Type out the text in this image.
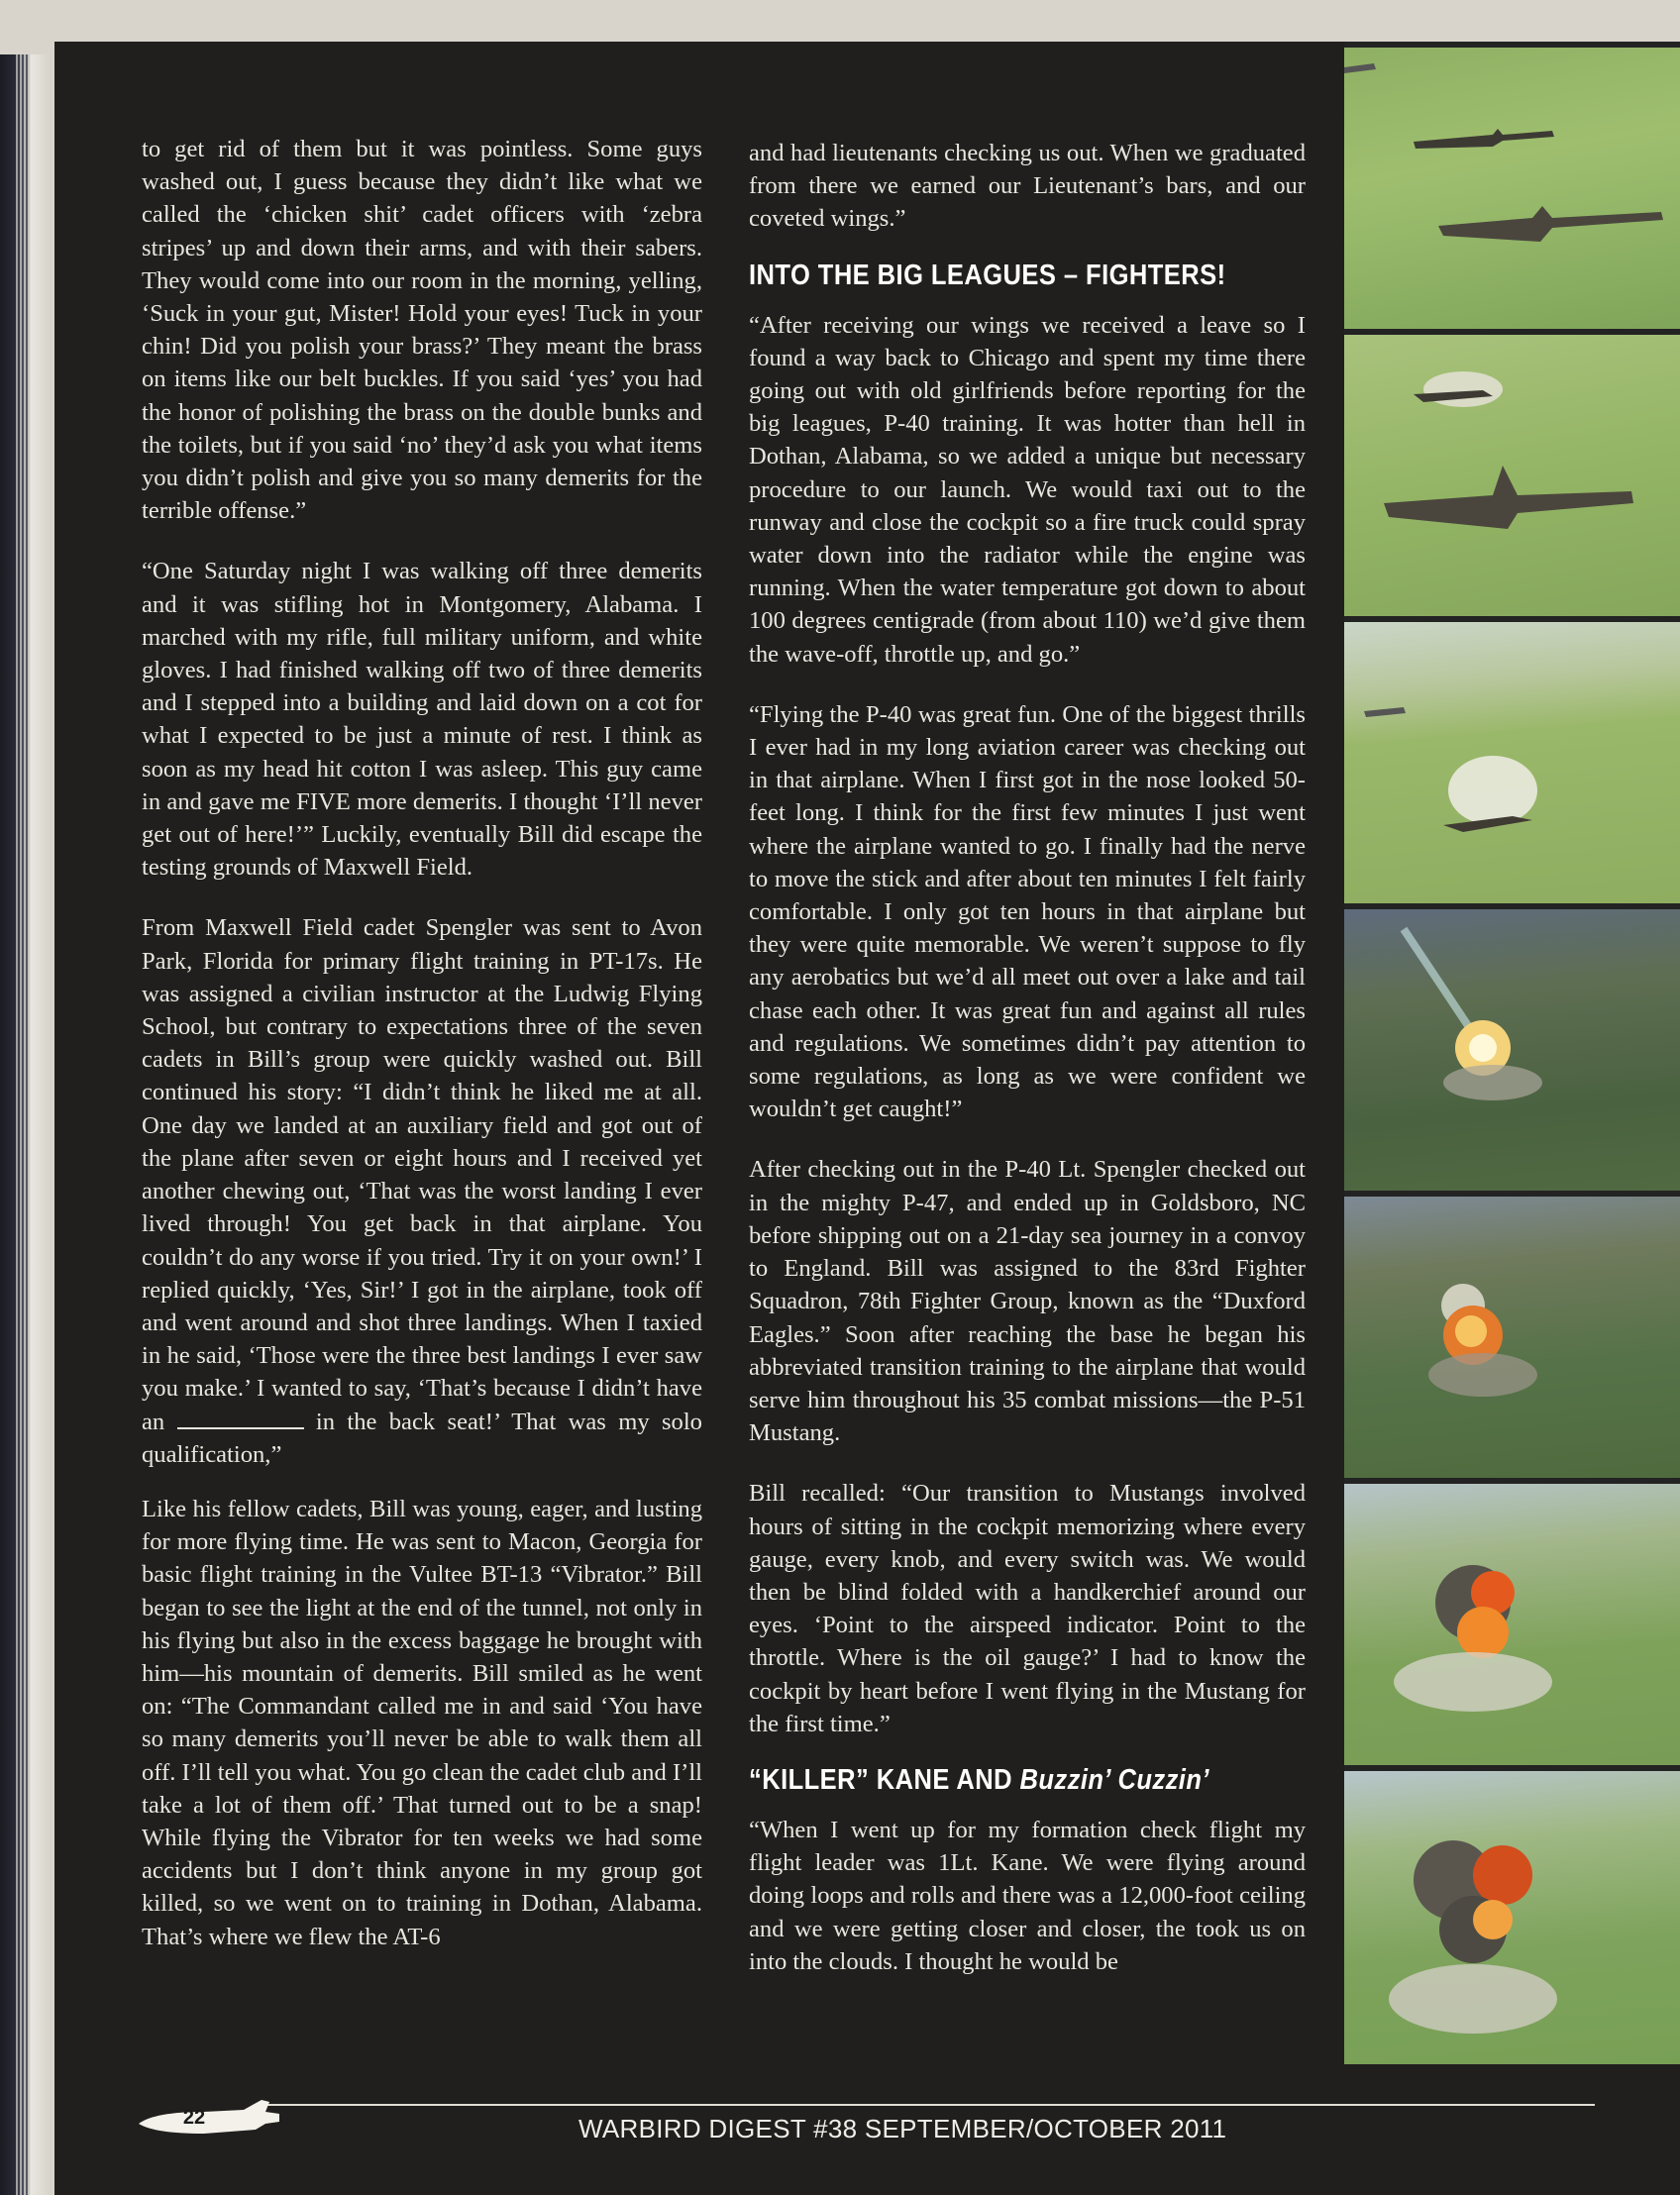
to get rid of them but it was pointless. Some guys washed out, I guess because they didn’t like what we called the ‘chicken shit’ cadet officers with ‘zebra stripes’ up and down their arms, and with their sabers. They would come into our room in the morning, yelling, ‘Suck in your gut, Mister! Hold your eyes! Tuck in your chin! Did you polish your brass?’ They meant the brass on items like our belt buckles. If you said ‘yes’ you had the honor of polishing the brass on the double bunks and the toilets, but if you said ‘no’ they’d ask you what items you didn’t polish and give you so many demerits for the terrible offense.”

“One Saturday night I was walking off three demerits and it was stifling hot in Montgomery, Alabama. I marched with my rifle, full military uniform, and white gloves. I had finished walking off two of three demerits and I stepped into a building and laid down on a cot for what I expected to be just a minute of rest. I think as soon as my head hit cotton I was asleep. This guy came in and gave me FIVE more demerits. I thought ‘I’ll never get out of here!’” Luckily, eventually Bill did escape the testing grounds of Maxwell Field.

From Maxwell Field cadet Spengler was sent to Avon Park, Florida for primary flight training in PT-17s. He was assigned a civilian instructor at the Ludwig Flying School, but contrary to expectations three of the seven cadets in Bill’s group were quickly washed out. Bill continued his story: “I didn’t think he liked me at all. One day we landed at an auxiliary field and got out of the plane after seven or eight hours and I received yet another chewing out, ‘That was the worst landing I ever lived through! You get back in that airplane. You couldn’t do any worse if you tried. Try it on your own!’ I replied quickly, ‘Yes, Sir!’ I got in the airplane, took off and went around and shot three landings. When I taxied in he said, ‘Those were the three best landings I ever saw you make.’ I wanted to say, ‘That’s because I didn’t have an	in the back seat!’ That was my solo qualification,”

Like his fellow cadets, Bill was young, eager, and lusting for more flying time. He was sent to Macon, Georgia for basic flight training in the Vultee BT-13 “Vibrator.” Bill began to see the light at the end of the tunnel, not only in his flying but also in the excess baggage he brought with him—his mountain of demerits. Bill smiled as he went on: “The Commandant called me in and said ‘You have so many demerits you’ll never be able to walk them all off. I’ll tell you what. You go clean the cadet club and I’ll take a lot of them off.’ That turned out to be a snap! While flying the Vibrator for ten weeks we had some accidents but I don’t think anyone in my group got killed, so we went on to training in Dothan, Alabama. That’s where we flew the AT-6

and had lieutenants checking us out. When we graduated from there we earned our Lieutenant’s bars, and our coveted wings.”

INTO THE BIG LEAGUES – FIGHTERS!

“After receiving our wings we received a leave so I found a way back to Chicago and spent my time there going out with old girlfriends before reporting for the big leagues, P-40 training. It was hotter than hell in Dothan, Alabama, so we added a unique but necessary procedure to our launch. We would taxi out to the runway and close the cockpit so a fire truck could spray water down into the radiator while the engine was running. When the water temperature got down to about 100 degrees centigrade (from about 110) we’d give them the wave-off, throttle up, and go.”

“Flying the P-40 was great fun. One of the biggest thrills I ever had in my long aviation career was checking out in that airplane. When I first got in the nose looked 50-feet long. I think for the first few minutes I just went where the airplane wanted to go. I finally had the nerve to move the stick and after about ten minutes I felt fairly comfortable. I only got ten hours in that airplane but they were quite memorable. We weren’t suppose to fly any aerobatics but we’d all meet out over a lake and tail chase each other. It was great fun and against all rules and regulations. We sometimes didn’t pay attention to some regulations, as long as we were confident we wouldn’t get caught!”

After checking out in the P-40 Lt. Spengler checked out in the mighty P-47, and ended up in Goldsboro, NC before shipping out on a 21-day sea journey in a convoy to England. Bill was assigned to the 83rd Fighter Squadron, 78th Fighter Group, known as the “Duxford Eagles.” Soon after reaching the base he began his abbreviated transition training to the airplane that would serve him throughout his 35 combat missions—the P-51 Mustang.

Bill recalled: “Our transition to Mustangs involved hours of sitting in the cockpit memorizing where every gauge, every knob, and every switch was. We would then be blind folded with a handkerchief around our eyes. ‘Point to the airspeed indicator. Point to the throttle. Where is the oil gauge?’ I had to know the cockpit by heart before I went flying in the Mustang for the first time.”

“KILLER” KANE AND Buzzin’ Cuzzin’

“When I went up for my formation check flight my flight leader was 1Lt. Kane. We were flying around doing loops and rolls and there was a 12,000-foot ceiling and we were getting closer and closer, the took us on into the clouds. I thought he would be

22	WARBIRD DIGEST #38 SEPTEMBER/OCTOBER 2011
